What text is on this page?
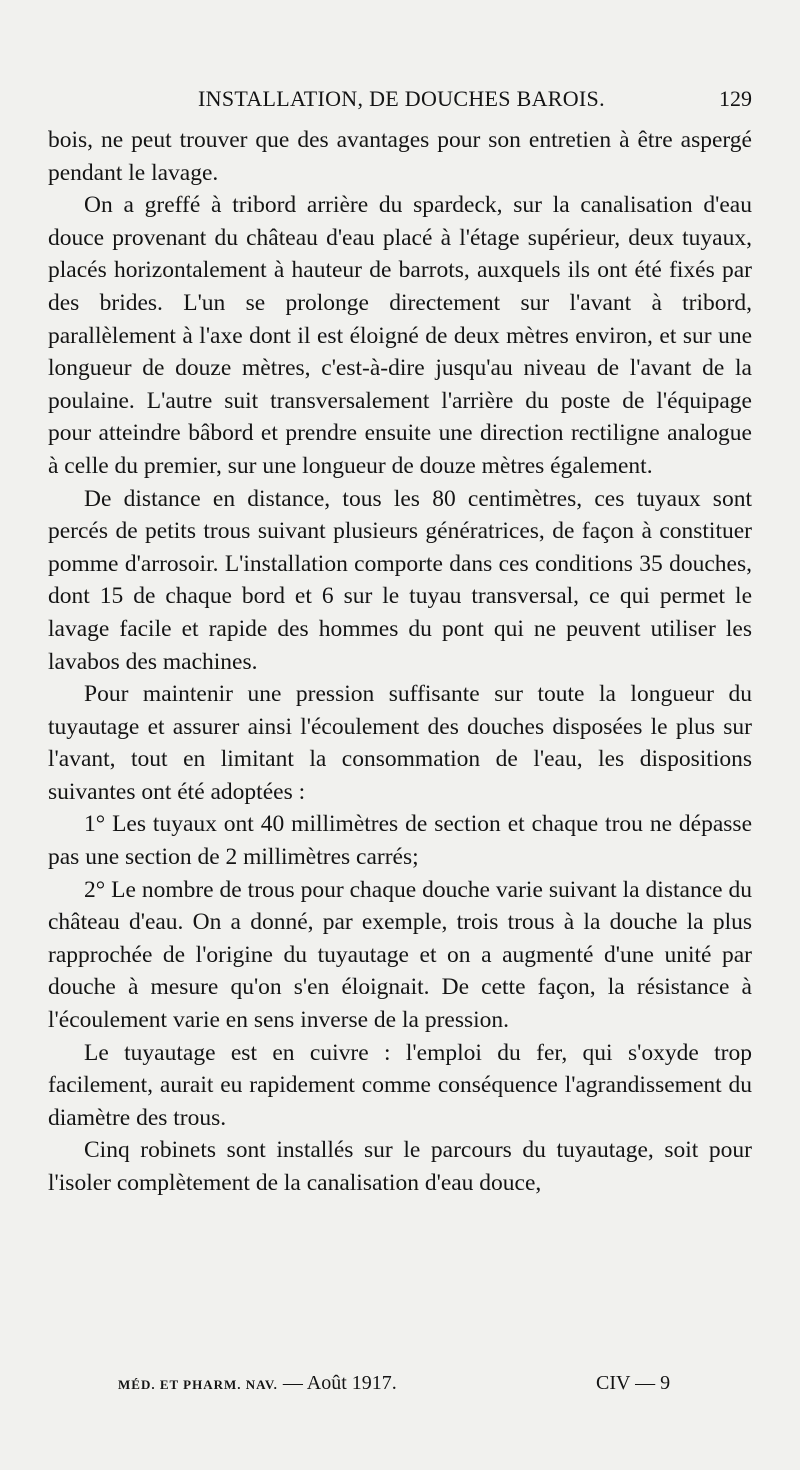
INSTALLATION, DE DOUCHES BAROIS.	129

bois, ne peut trouver que des avantages pour son entretien à être aspergé pendant le lavage.

On a greffé à tribord arrière du spardeck, sur la canalisation d'eau douce provenant du château d'eau placé à l'étage supérieur, deux tuyaux, placés horizontalement à hauteur de barrots, auxquels ils ont été fixés par des brides. L'un se prolonge directement sur l'avant à tribord, parallèlement à l'axe dont il est éloigné de deux mètres environ, et sur une longueur de douze mètres, c'est-à-dire jusqu'au niveau de l'avant de la poulaine. L'autre suit transversalement l'arrière du poste de l'équipage pour atteindre bâbord et prendre ensuite une direction rectiligne analogue à celle du premier, sur une longueur de douze mètres également.

De distance en distance, tous les 80 centimètres, ces tuyaux sont percés de petits trous suivant plusieurs génératrices, de façon à constituer pomme d'arrosoir. L'installation comporte dans ces conditions 35 douches, dont 15 de chaque bord et 6 sur le tuyau transversal, ce qui permet le lavage facile et rapide des hommes du pont qui ne peuvent utiliser les lavabos des machines.

Pour maintenir une pression suffisante sur toute la longueur du tuyautage et assurer ainsi l'écoulement des douches disposées le plus sur l'avant, tout en limitant la consommation de l'eau, les dispositions suivantes ont été adoptées :

1° Les tuyaux ont 40 millimètres de section et chaque trou ne dépasse pas une section de 2 millimètres carrés;

2° Le nombre de trous pour chaque douche varie suivant la distance du château d'eau. On a donné, par exemple, trois trous à la douche la plus rapprochée de l'origine du tuyautage et on a augmenté d'une unité par douche à mesure qu'on s'en éloignait. De cette façon, la résistance à l'écoulement varie en sens inverse de la pression.

Le tuyautage est en cuivre : l'emploi du fer, qui s'oxyde trop facilement, aurait eu rapidement comme conséquence l'agrandissement du diamètre des trous.

Cinq robinets sont installés sur le parcours du tuyautage, soit pour l'isoler complètement de la canalisation d'eau douce,

MÉD. ET PHARM. NAV. — Août 1917.	CIV — 9
